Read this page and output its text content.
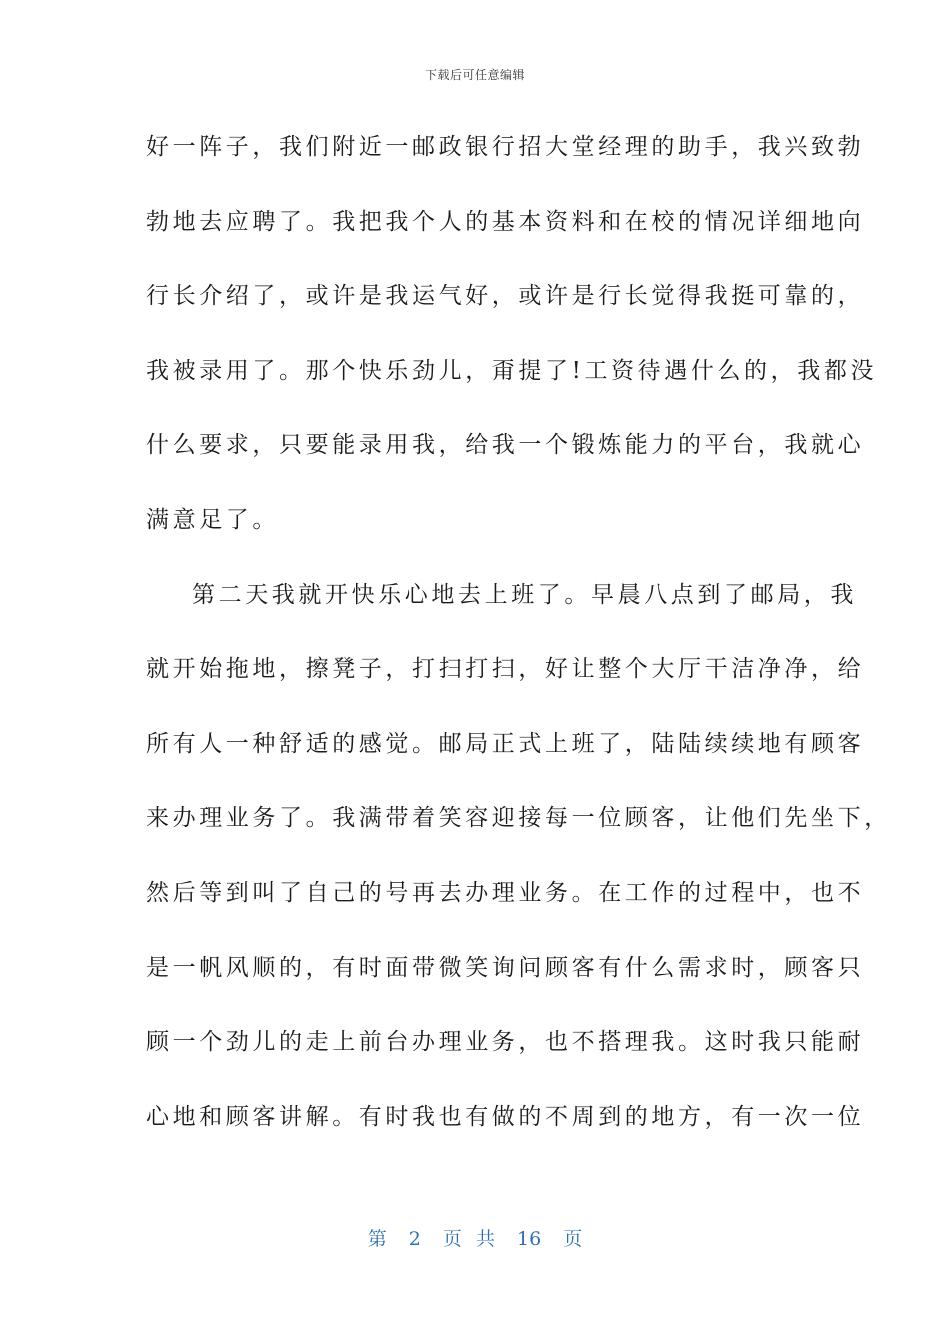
下载后可任意编辑
好一阵子，我们附近一邮政银行招大堂经理的助手，我兴致勃
勃地去应聘了。我把我个人的基本资料和在校的情况详细地向
行长介绍了，或许是我运气好，或许是行长觉得我挺可靠的，
我被录用了。那个快乐劲儿，甭提了!工资待遇什么的，我都没
什么要求，只要能录用我，给我一个锻炼能力的平台，我就心
满意足了。
第二天我就开快乐心地去上班了。早晨八点到了邮局，我
就开始拖地，擦凳子，打扫打扫，好让整个大厅干洁净净，给
所有人一种舒适的感觉。邮局正式上班了，陆陆续续地有顾客
来办理业务了。我满带着笑容迎接每一位顾客，让他们先坐下，
然后等到叫了自己的号再去办理业务。在工作的过程中，也不
是一帆风顺的，有时面带微笑询问顾客有什么需求时，顾客只
顾一个劲儿的走上前台办理业务，也不搭理我。这时我只能耐
心地和顾客讲解。有时我也有做的不周到的地方，有一次一位
第 2 页 共 16 页
